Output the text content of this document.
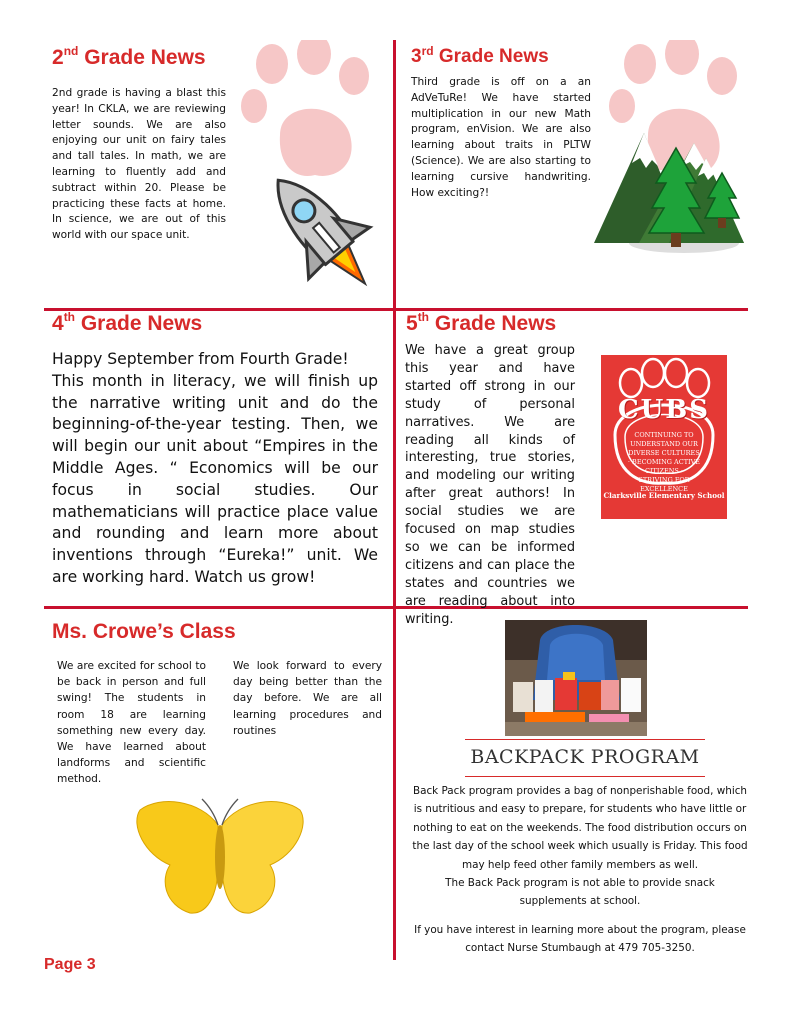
2nd Grade News

2nd grade is having a blast this year! In CKLA, we are reviewing letter sounds. We are also enjoying our unit on fairy tales and tall tales. In math, we are learning to fluently add and subtract within 20. Please be practicing these facts at home. In science, we are out of this world with our space unit.

3rd Grade News

Third grade is off on a an AdVeTuRe! We have started multiplication in our new Math program, enVision. We are also learning about traits in PLTW (Science). We are also starting to learning cursive handwriting. How exciting?!

4th Grade News

Happy September from Fourth Grade!

This month in literacy, we will finish up the narrative writing unit and do the beginning-of-the-year testing. Then, we will begin our unit about “Empires in the Middle Ages. “ Economics will be our focus in social studies. Our mathematicians will practice place value and rounding and learn more about inventions through “Eureka!” unit. We are working hard. Watch us grow!

5th Grade News

We have a great group this year and have started off strong in our study of personal narratives. We are reading all kinds of interesting, true stories, and modeling our writing after great authors! In social studies we are focused on map studies so we can be informed citizens and can place the states and countries we are reading about into writing.

CUBS
CONTINUING TO UNDERSTAND OUR DIVERSE CULTURES · BECOMING ACTIVE CITIZENS · STRIVING FOR EXCELLENCE
Clarksville Elementary School
Ms. Crowe’s Class

We are excited for school to be back in person and full swing! The students in room 18 are learning something new every day. We have learned about landforms and scientific method.

We look forward to every day being better than the day before. We are all learning procedures and routines

BACKPACK PROGRAM

Back Pack program provides a bag of nonperishable food, which is nutritious and easy to prepare, for students who have little or nothing to eat on the weekends. The food distribution occurs on the last day of the school week which usually is Friday. This food may help feed other family members as well.

The Back Pack program is not able to provide snack supplements at school.

If you have interest in learning more about the program, please contact Nurse Stumbaugh at 479 705-3250.

Page 3
